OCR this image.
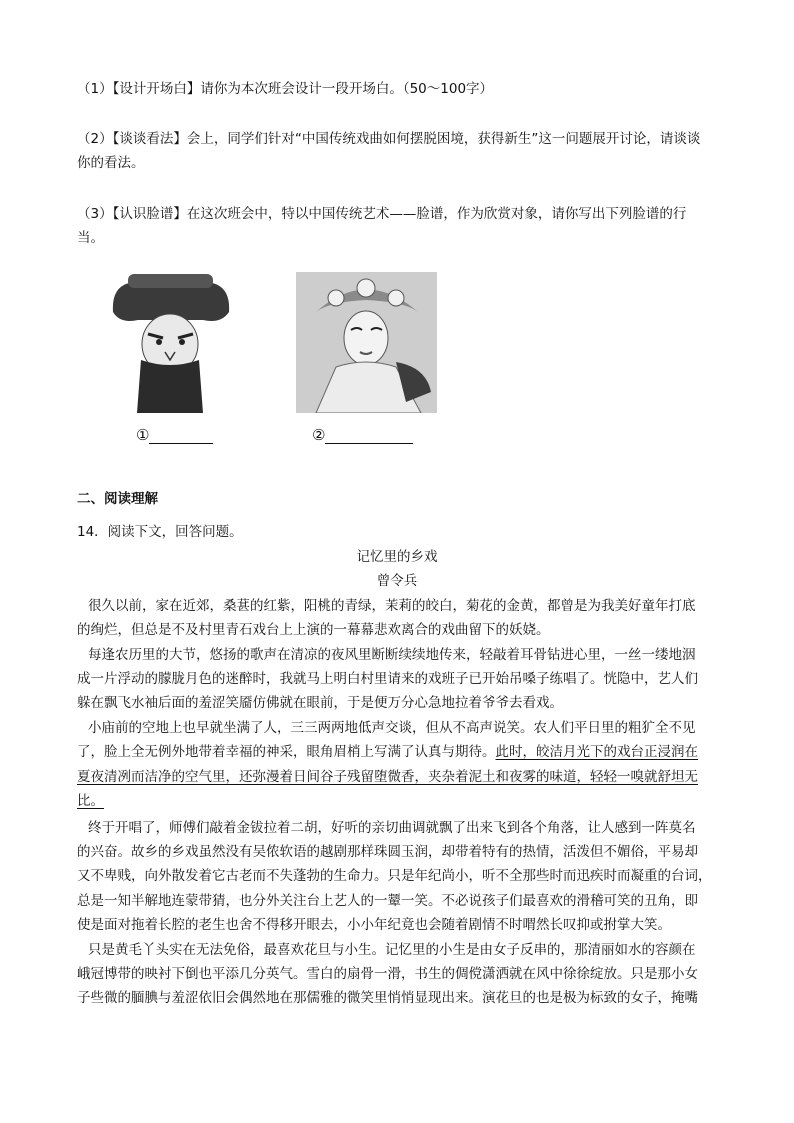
（1）【设计开场白】请你为本次班会设计一段开场白。（50～100字）
（2）【谈谈看法】会上，同学们针对“中国传统戏曲如何摆脱困境，获得新生”这一问题展开讨论，请谈谈
你的看法。
（3）【认识脸谱】在这次班会中，特以中国传统艺术——脸谱，作为欣赏对象，请你写出下列脸谱的行
当。
①	②
二、阅读理解
14．阅读下文，回答问题。
记忆里的乡戏
曾令兵
很久以前，家在近郊，桑葚的红紫，阳桃的青绿，茉莉的皎白，菊花的金黄，都曾是为我美好童年打底
的绚烂，但总是不及村里青石戏台上上演的一幕幕悲欢离合的戏曲留下的妖娆。
每逢农历里的大节，悠扬的歌声在清凉的夜风里断断续续地传来，轻敲着耳骨钻进心里，一丝一缕地洇
成一片浮动的朦胧月色的迷醉时，我就马上明白村里请来的戏班子已开始吊嗓子练唱了。恍隐中，艺人们
躲在飘飞水袖后面的羞涩笑靥仿佛就在眼前，于是便万分心急地拉着爷爷去看戏。
小庙前的空地上也早就坐满了人，三三两两地低声交谈，但从不高声说笑。农人们平日里的粗犷全不见
了，脸上全无例外地带着幸福的神采，眼角眉梢上写满了认真与期待。此时，皎洁月光下的戏台正浸润在
夏夜清冽而洁净的空气里，还弥漫着日间谷子残留堕微香，夹杂着泥土和夜雾的味道，轻轻一嗅就舒坦无
比。
终于开唱了，师傅们敲着金钹拉着二胡，好听的亲切曲调就飘了出来飞到各个角落，让人感到一阵莫名
的兴奋。故乡的乡戏虽然没有吴侬软语的越剧那样珠圆玉润，却带着特有的热情，活泼但不媚俗，平易却
又不卑贱，向外散发着它古老而不失蓬勃的生命力。只是年纪尚小，听不全那些时而迅疾时而凝重的台词，
总是一知半解地连蒙带猜，也分外关注台上艺人的一颦一笑。不必说孩子们最喜欢的滑稽可笑的丑角，即
使是面对拖着长腔的老生也舍不得移开眼去，小小年纪竟也会随着剧情不时喟然长叹抑或拊掌大笑。
只是黄毛丫头实在无法免俗，最喜欢花旦与小生。记忆里的小生是由女子反串的，那清丽如水的容颜在
峨冠博带的映衬下倒也平添几分英气。雪白的扇骨一滑，书生的倜傥潇洒就在风中徐徐绽放。只是那小女
子些微的腼腆与羞涩依旧会偶然地在那儒雅的微笑里悄悄显现出来。演花旦的也是极为标致的女子，掩嘴
